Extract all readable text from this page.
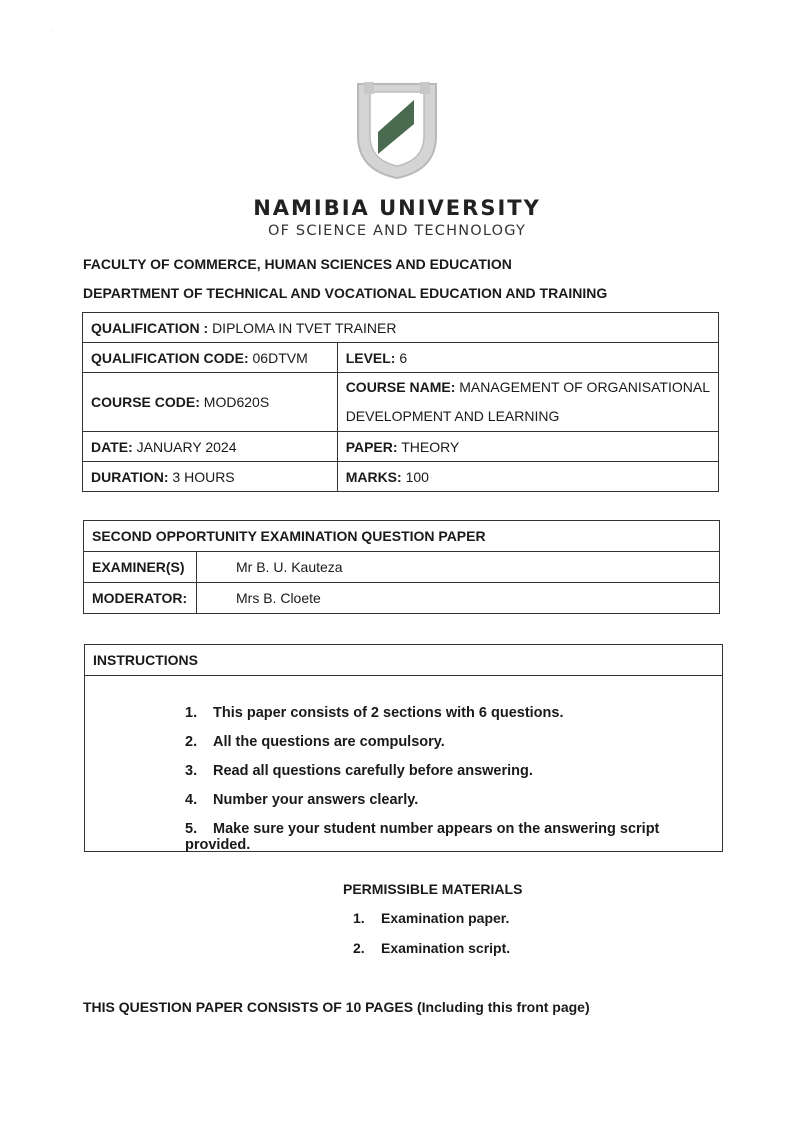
·
NAMIBIA UNIVERSITY
OF SCIENCE AND TECHNOLOGY
FACULTY OF COMMERCE, HUMAN SCIENCES AND EDUCATION
DEPARTMENT OF TECHNICAL AND VOCATIONAL EDUCATION AND TRAINING
QUALIFICATION : DIPLOMA IN TVET TRAINER	
QUALIFICATION CODE: 06DTVM	LEVEL: 6
COURSE CODE: MOD620S	COURSE NAME: MANAGEMENT OF ORGANISATIONAL
DEVELOPMENT AND LEARNING
DATE: JANUARY 2024	PAPER: THEORY
DURATION: 3 HOURS	MARKS: 100
SECOND OPPORTUNITY EXAMINATION QUESTION PAPER	
EXAMINER(S)	Mr B. U. Kauteza
MODERATOR:	Mrs B. Cloete
INSTRUCTIONS
1. This paper consists of 2 sections with 6 questions.
2. All the questions are compulsory.
3. Read all questions carefully before answering.
4. Number your answers clearly.
5. Make sure your student number appears on the answering script provided.
PERMISSIBLE MATERIALS
1. Examination paper.
2. Examination script.
THIS QUESTION PAPER CONSISTS OF 10 PAGES (Including this front page)
